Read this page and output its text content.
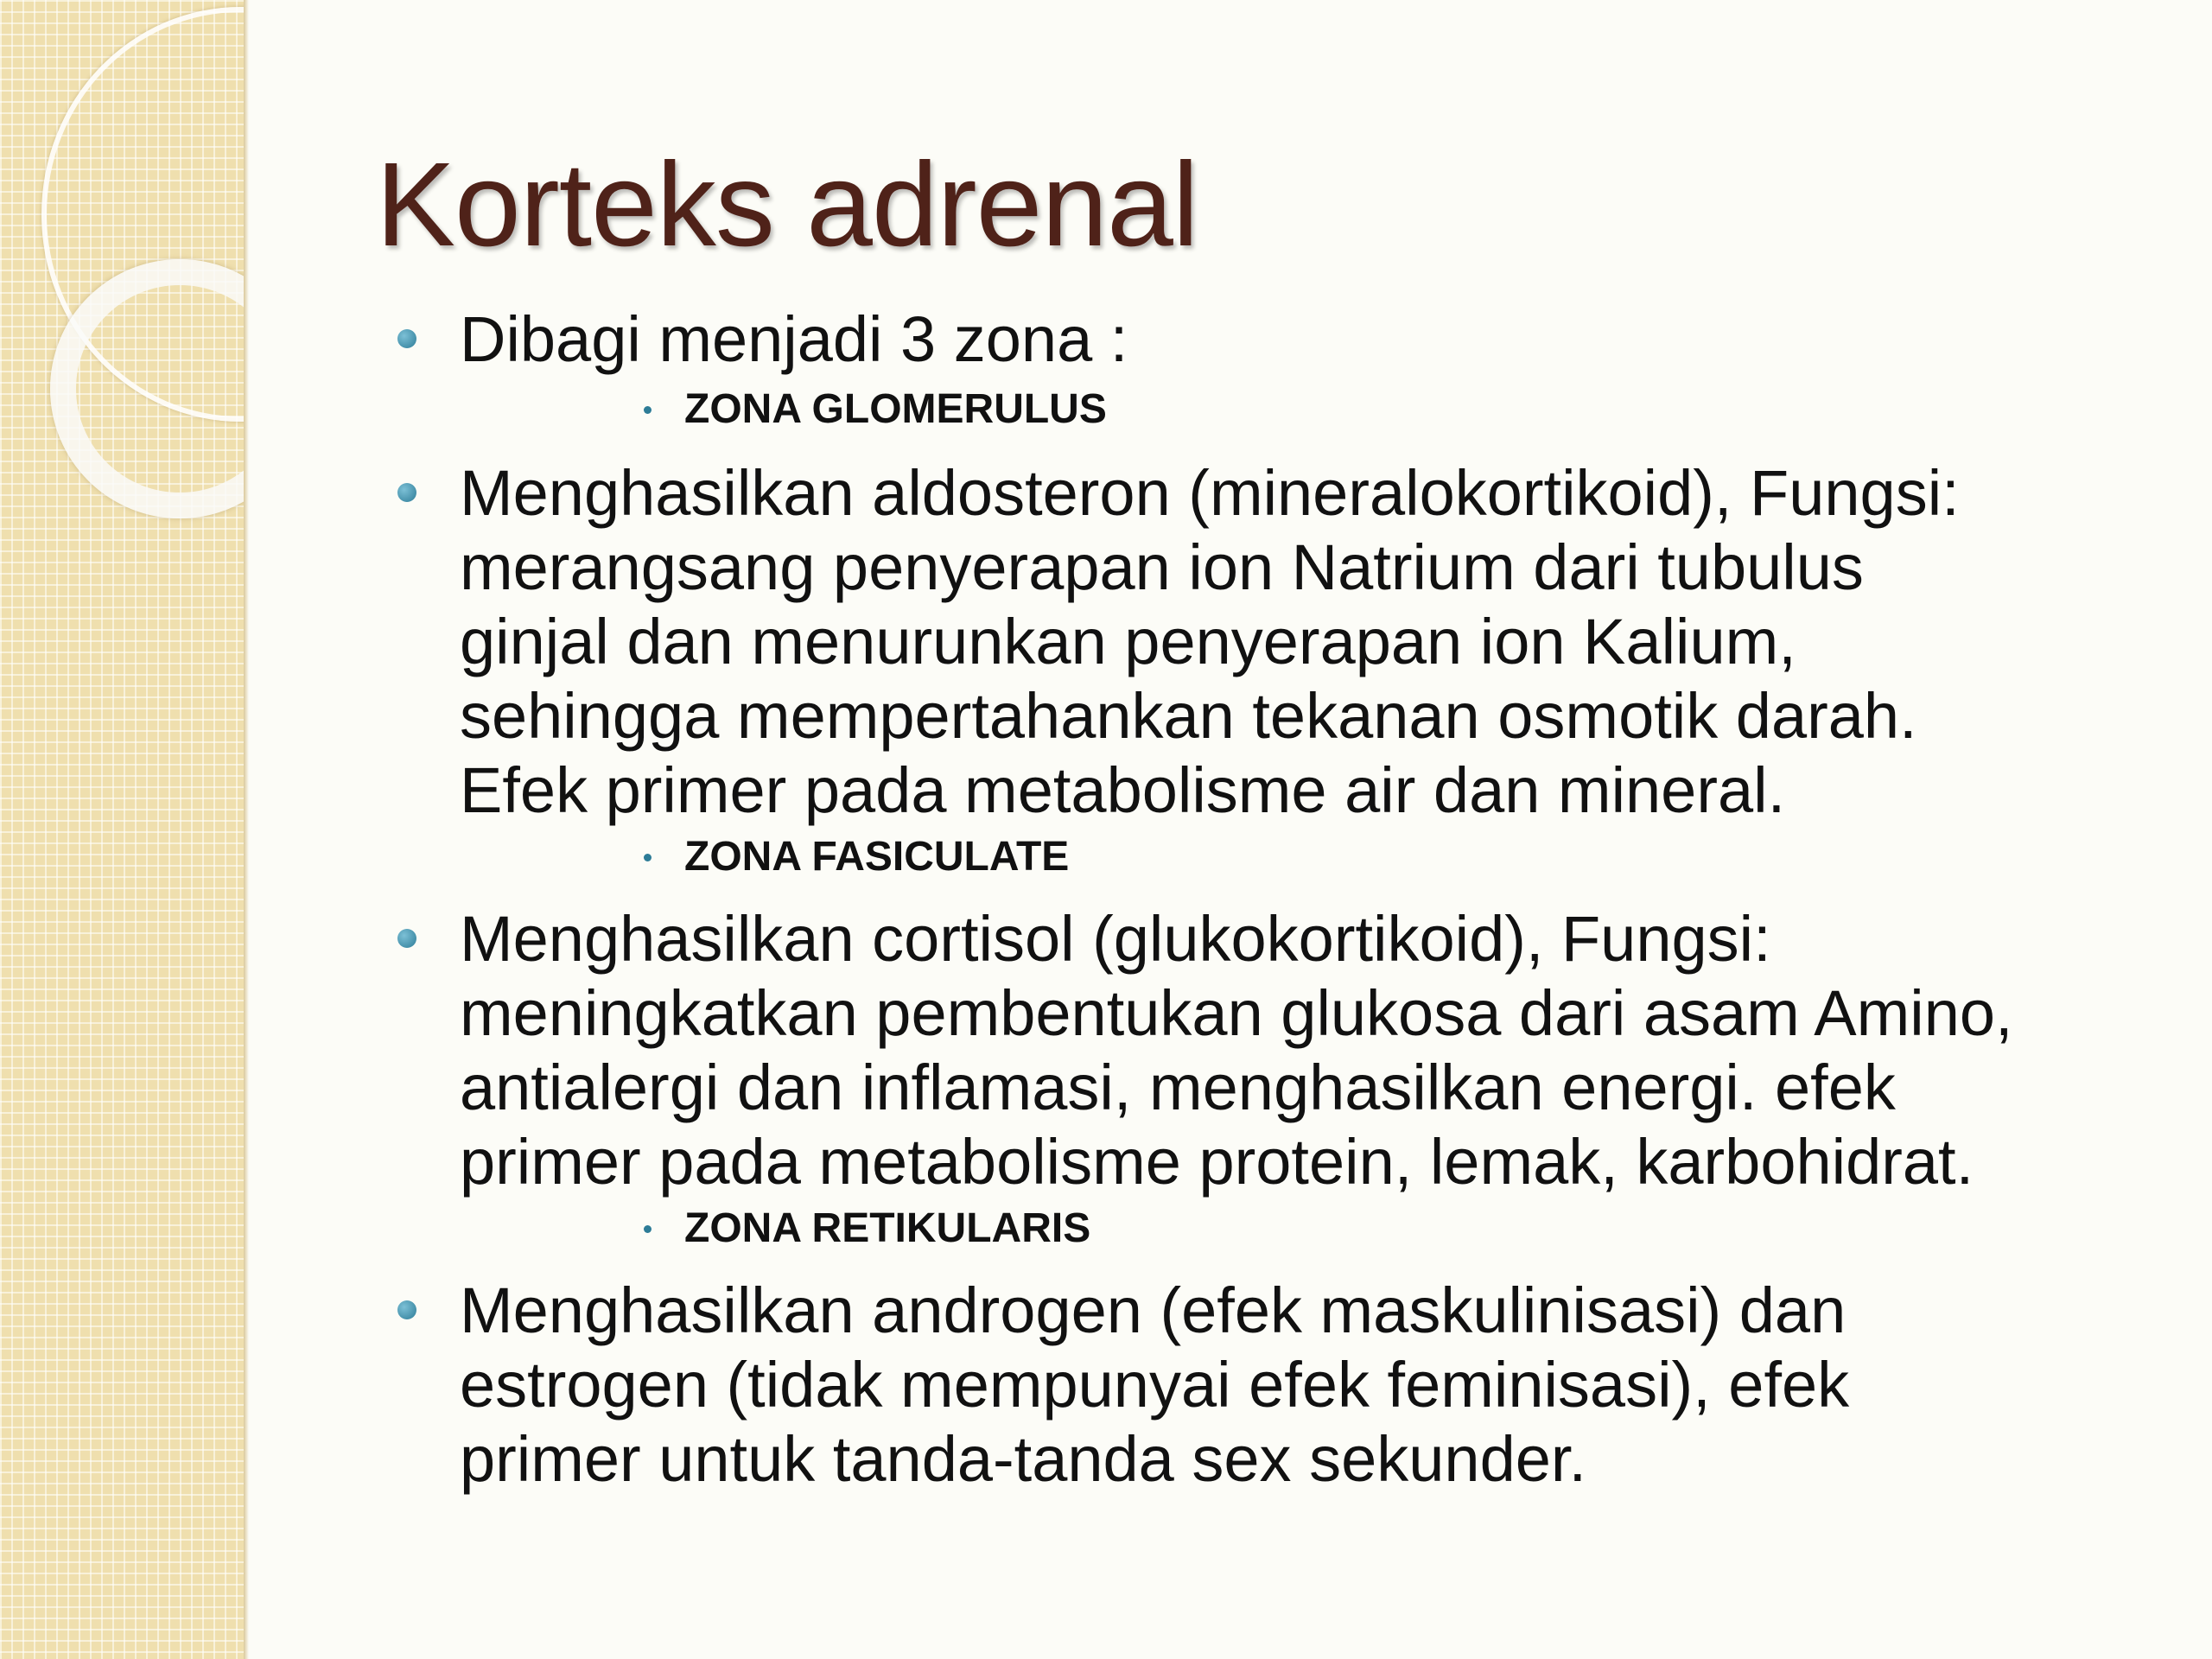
Korteks adrenal

Dibagi menjadi 3 zona :

ZONA GLOMERULUS

Menghasilkan aldosteron (mineralokortikoid), Fungsi:

merangsang penyerapan ion Natrium dari tubulus

ginjal dan menurunkan penyerapan ion Kalium,

sehingga mempertahankan tekanan osmotik darah.

Efek primer pada metabolisme air dan mineral.

ZONA FASICULATE

Menghasilkan cortisol (glukokortikoid), Fungsi:

meningkatkan pembentukan glukosa dari asam Amino,

antialergi dan inflamasi, menghasilkan energi. efek

primer pada metabolisme protein, lemak, karbohidrat.

ZONA RETIKULARIS

Menghasilkan androgen (efek maskulinisasi) dan

estrogen (tidak mempunyai efek feminisasi), efek

primer untuk tanda-tanda sex sekunder.
